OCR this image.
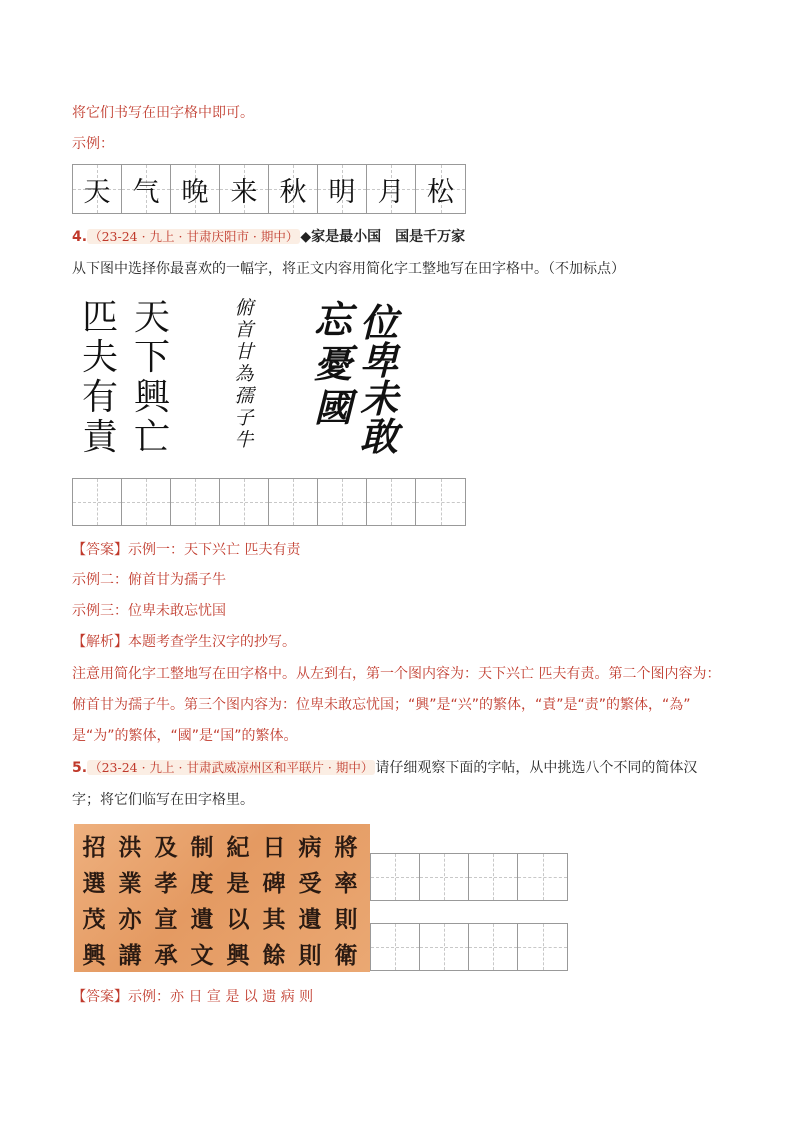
将它们书写在田字格中即可。
示例：
天 气 晚 来 秋 明 月 松
4. （23-24 · 九上 · 甘肃庆阳市 · 期中） ◆家是最小国　国是千万家
从下图中选择你最喜欢的一幅字，将正文内容用简化字工整地写在田字格中。（不加标点）
匹
夫
有
責
天
下
興
亡
俯
首
甘
為
孺
子
牛
忘
憂
國
位
卑
未
敢
【答案】示例一：天下兴亡 匹夫有责
示例二：俯首甘为孺子牛
示例三：位卑未敢忘忧国
【解析】本题考查学生汉字的抄写。
注意用简化字工整地写在田字格中。从左到右，第一个图内容为：天下兴亡 匹夫有责。第二个图内容为：
俯首甘为孺子牛。第三个图内容为：位卑未敢忘忧国；“興”是“兴”的繁体，“責”是“责”的繁体，“為”
是“为”的繁体，“國”是“国”的繁体。
5. （23-24 · 九上 · 甘肃武威凉州区和平联片 · 期中） 请仔细观察下面的字帖，从中挑选八个不同的简体汉
字；将它们临写在田字格里。
招
選
茂
興
洪
業
亦
講
及
孝
宣
承
制
度
遺
文
紀
是
以
興
日
碑
其
餘
病
受
遺
則
將
率
則
衛
【答案】示例：亦 日 宣 是 以 遗 病 则
